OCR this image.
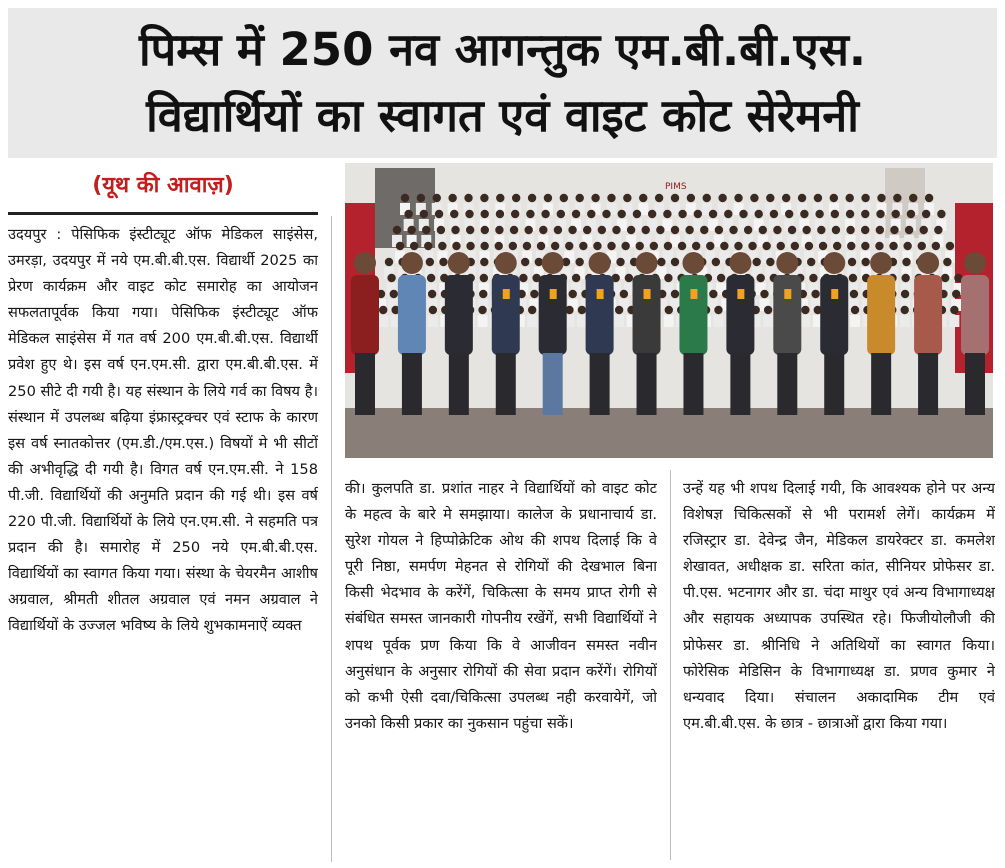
पिम्स में 250 नव आगन्तुक एम.बी.बी.एस.
विद्यार्थियों का स्वागत एवं वाइट कोट सेरेमनी
(यूथ की आवाज़)	PIMS
उदयपुर : पेसिफिक इंस्टीट्यूट ऑफ मेडिकल साइंसेस, उमरड़ा, उदयपुर में नये एम.बी.बी.एस. विद्यार्थी 2025 का प्रेरण कार्यक्रम और वाइट कोट समारोह का आयोजन सफलतापूर्वक किया गया। पेसिफिक इंस्टीट्यूट ऑफ मेडिकल साइंसेस में गत वर्ष 200 एम.बी.बी.एस. विद्यार्थी प्रवेश हुए थे। इस वर्ष एन.एम.सी. द्वारा एम.बी.बी.एस. में 250 सीटे दी गयी है। यह संस्थान के लिये गर्व का विषय है। संस्थान में उपलब्ध बढ़िया इंफ्रास्ट्रक्चर एवं स्टाफ के कारण इस वर्ष स्नातकोत्तर (एम.डी./एम.एस.) विषयों मे भी सीटों की अभीवृद्धि दी गयी है। विगत वर्ष एन.एम.सी. ने 158 पी.जी. विद्यार्थियों की अनुमति प्रदान की गई थी। इस वर्ष 220 पी.जी. विद्यार्थियों के लिये एन.एम.सी. ने सहमति पत्र प्रदान की है। समारोह में 250 नये एम.बी.बी.एस. विद्यार्थियों का स्वागत किया गया। संस्था के चेयरमैन आशीष अग्रवाल, श्रीमती शीतल अग्रवाल एवं नमन अग्रवाल ने विद्यार्थियों के उज्जल भविष्य के लिये शुभकामनाऐं व्यक्त
की। कुलपति डा. प्रशांत नाहर ने विद्यार्थियों को वाइट कोट के महत्व के बारे मे समझाया। कालेज के प्रधानाचार्य डा. सुरेश गोयल ने हिप्पोक्रेटिक ओथ की शपथ दिलाई कि वे पूरी निष्ठा, समर्पण मेहनत से रोगियों की देखभाल बिना किसी भेदभाव के करेंगें, चिकित्सा के समय प्राप्त रोगी से संबंधित समस्त जानकारी गोपनीय रखेंगें, सभी विद्यार्थियों ने शपथ पूर्वक प्रण किया कि वे आजीवन समस्त नवीन अनुसंधान के अनुसार रोगियों की सेवा प्रदान करेंगें। रोगियों को कभी ऐसी दवा/चिकित्सा उपलब्ध नही करवायेगें, जो उनको किसी प्रकार का नुकसान पहुंचा सकें।
उन्हें यह भी शपथ दिलाई गयी, कि आवश्यक होने पर अन्य विशेषज्ञ चिकित्सकों से भी परामर्श लेगें। कार्यक्रम में रजिस्ट्रार डा. देवेन्द्र जैन, मेडिकल डायरेक्टर डा. कमलेश शेखावत, अधीक्षक डा. सरिता कांत, सीनियर प्रोफेसर डा. पी.एस. भटनागर और डा. चंदा माथुर एवं अन्य विभागाध्यक्ष और सहायक अध्यापक उपस्थित रहे। फिजीयोलौजी की प्रोफेसर डा. श्रीनिधि ने अतिथियों का स्वागत किया। फोरेसिक मेडिसिन के विभागाध्यक्ष डा. प्रणव कुमार ने धन्यवाद दिया। संचालन अकादामिक टीम एवं एम.बी.बी.एस. के छात्र - छात्राओं द्वारा किया गया।
